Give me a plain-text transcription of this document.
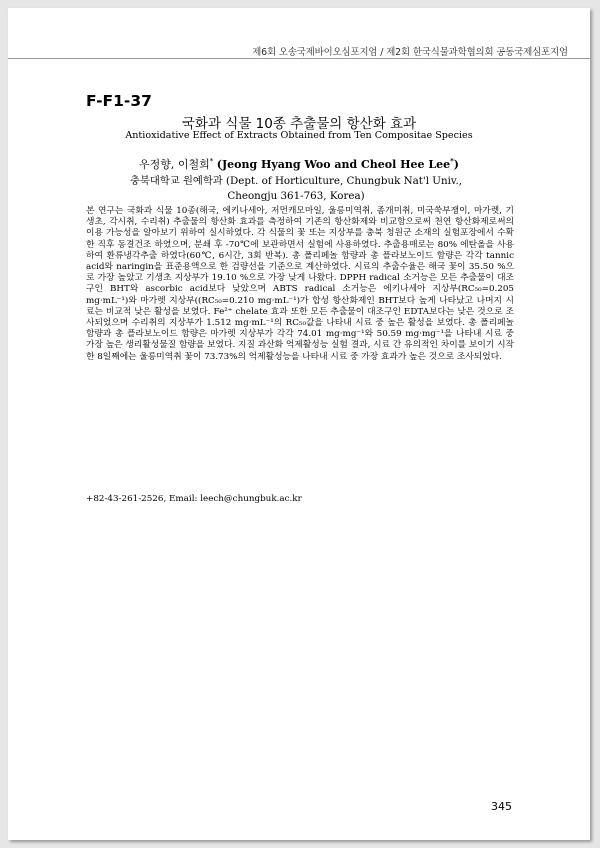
제6회 오송국제바이오심포지엄 / 제2회 한국식물과학협의회 공동국제심포지엄
F-F1-37
국화과 식물 10종 추출물의 항산화 효과
Antioxidative Effect of Extracts Obtained from Ten Compositae Species
우정향, 이철희* (Jeong Hyang Woo and Cheol Hee Lee*)
충북대학교 원예학과 (Dept. of Horticulture, Chungbuk Nat'l Univ., Cheongju 361-763, Korea)

본 연구는 국화과 식물 10종(해국, 에키나세아, 저먼캐모마일, 울릉미역취, 좀개미취, 미국쑥부쟁이, 마가렛, 기생초, 각시취, 수리취) 추출물의 항산화 효과를 측정하여 기존의 항산화제와 비교함으로써 천연 항산화제로써의 이용 가능성을 알아보기 위하여 실시하였다. 각 식물의 꽃 또는 지상부를 충북 청원군 소재의 실험포장에서 수확한 직후 동결건조 하였으며, 분쇄 후 -70℃에 보관하면서 실험에 사용하였다. 추출용매로는 80% 에탄올을 사용하여 환류냉각추출 하였다(60℃, 6시간, 3회 반복). 총 폴리페놀 함량과 총 플라보노이드 함량은 각각 tannic acid와 naringin을 표준용액으로 한 검량선을 기준으로 계산하였다. 시료의 추출수율은 해국 꽃이 35.50 %으로 가장 높았고 기생초 지상부가 19.10 %으로 가장 낮게 나왔다. DPPH radical 소거능은 모든 추출물이 대조구인 BHT와 ascorbic acid보다 낮았으며 ABTS radical 소거능은 에키나세아 지상부(RC₅₀=0.205 mg·mL⁻¹)와 마가렛 지상부((RC₅₀=0.210 mg·mL⁻¹)가 합성 항산화제인 BHT보다 높게 나타났고 나머지 시료는 비교적 낮은 활성을 보였다. Fe²⁺ chelate 효과 또한 모든 추출물이 대조구인 EDTA보다는 낮은 것으로 조사되었으며 수리취의 지상부가 1.512 mg·mL⁻¹의 RC₅₀값을 나타내 시료 중 높은 활성을 보였다. 총 폴리페놀 함량과 총 플라보노이드 함량은 마가렛 지상부가 각각 74.01 mg·mg⁻¹와 50.59 mg·mg⁻¹을 나타내 시료 중 가장 높은 생리활성물질 함량을 보였다. 지질 과산화 억제활성능 실험 결과, 시료 간 유의적인 차이를 보이기 시작한 8일째에는 울릉미역취 꽃이 73.73%의 억제활성능을 나타내 시료 중 가장 효과가 높은 것으로 조사되었다.

+82-43-261-2526, Email: leech@chungbuk.ac.kr
345
